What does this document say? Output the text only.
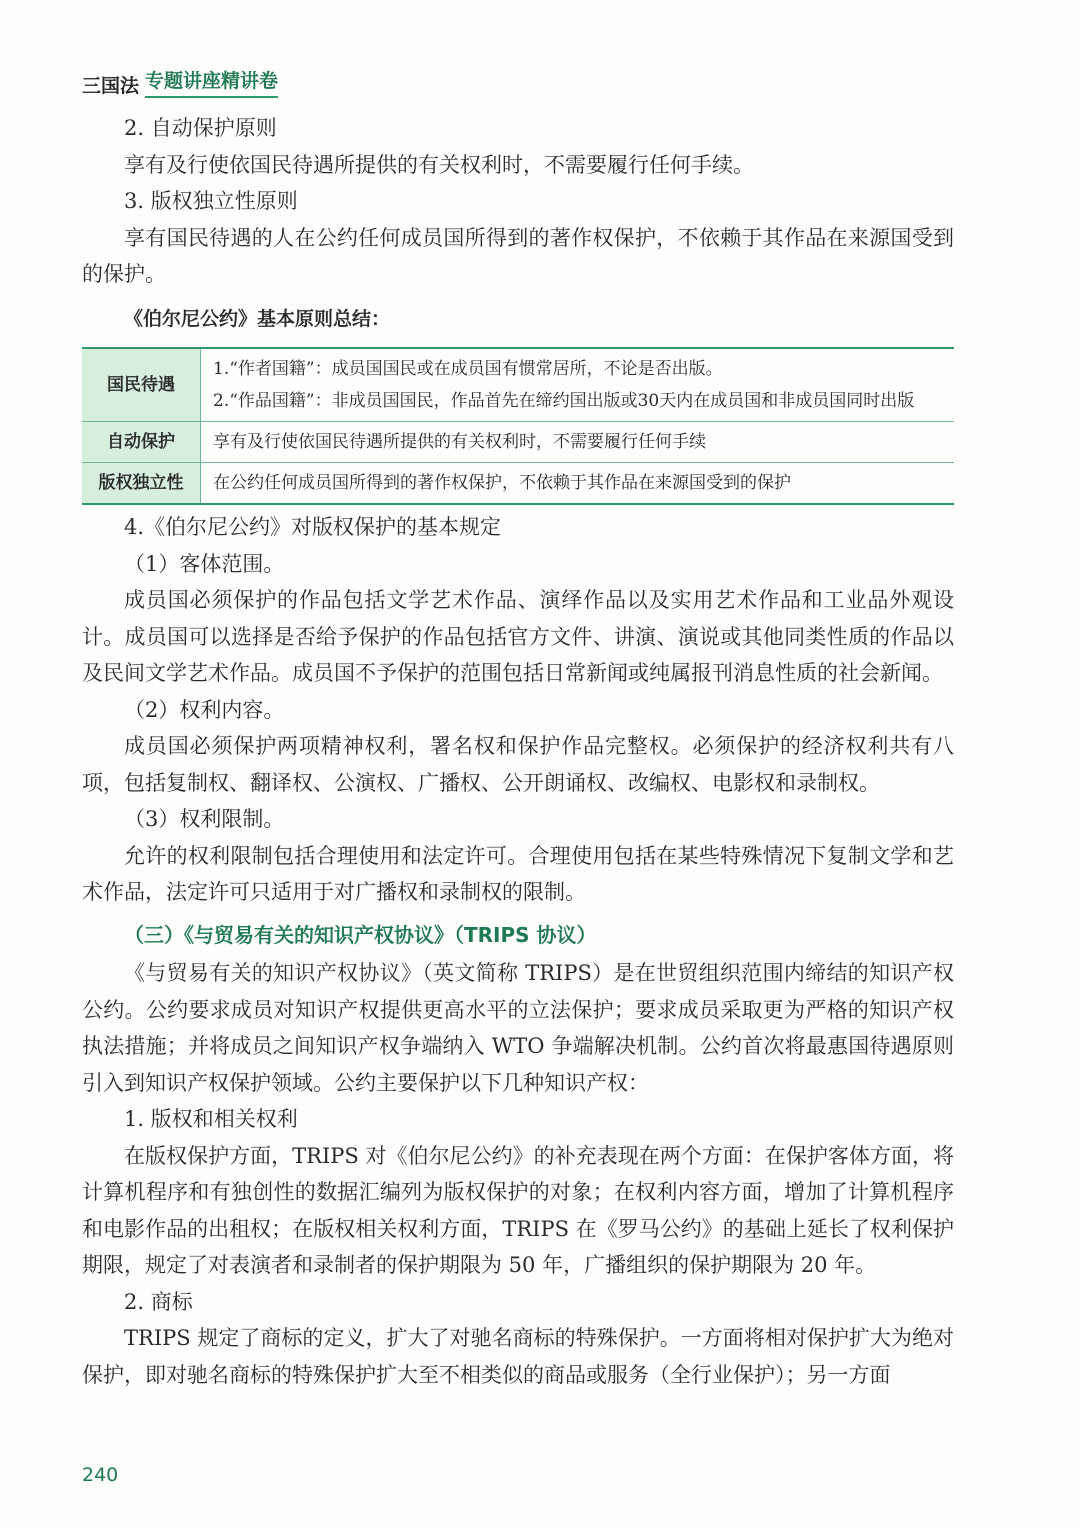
三国法 专题讲座精讲卷

2. 自动保护原则

享有及行使依国民待遇所提供的有关权利时，不需要履行任何手续。

3. 版权独立性原则

享有国民待遇的人在公约任何成员国所得到的著作权保护，不依赖于其作品在来源国受到的保护。

《伯尔尼公约》基本原则总结：

国民待遇	1.“作者国籍”：成员国国民或在成员国有惯常居所，不论是否出版。
2.“作品国籍”：非成员国国民，作品首先在缔约国出版或30天内在成员国和非成员国同时出版

自动保护	享有及行使依国民待遇所提供的有关权利时，不需要履行任何手续
版权独立性	在公约任何成员国所得到的著作权保护，不依赖于其作品在来源国受到的保护

4.《伯尔尼公约》对版权保护的基本规定

（1）客体范围。

成员国必须保护的作品包括文学艺术作品、演绎作品以及实用艺术作品和工业品外观设计。成员国可以选择是否给予保护的作品包括官方文件、讲演、演说或其他同类性质的作品以及民间文学艺术作品。成员国不予保护的范围包括日常新闻或纯属报刊消息性质的社会新闻。

（2）权利内容。

成员国必须保护两项精神权利，署名权和保护作品完整权。必须保护的经济权利共有八项，包括复制权、翻译权、公演权、广播权、公开朗诵权、改编权、电影权和录制权。

（3）权利限制。

允许的权利限制包括合理使用和法定许可。合理使用包括在某些特殊情况下复制文学和艺术作品，法定许可只适用于对广播权和录制权的限制。

（三）《与贸易有关的知识产权协议》（TRIPS 协议）

《与贸易有关的知识产权协议》（英文简称 TRIPS）是在世贸组织范围内缔结的知识产权公约。公约要求成员对知识产权提供更高水平的立法保护；要求成员采取更为严格的知识产权执法措施；并将成员之间知识产权争端纳入 WTO 争端解决机制。公约首次将最惠国待遇原则引入到知识产权保护领域。公约主要保护以下几种知识产权：

1. 版权和相关权利

在版权保护方面，TRIPS 对《伯尔尼公约》的补充表现在两个方面：在保护客体方面，将计算机程序和有独创性的数据汇编列为版权保护的对象；在权利内容方面，增加了计算机程序和电影作品的出租权；在版权相关权利方面，TRIPS 在《罗马公约》的基础上延长了权利保护期限，规定了对表演者和录制者的保护期限为 50 年，广播组织的保护期限为 20 年。

2. 商标

TRIPS 规定了商标的定义，扩大了对驰名商标的特殊保护。一方面将相对保护扩大为绝对保护，即对驰名商标的特殊保护扩大至不相类似的商品或服务（全行业保护）；另一方面

240
